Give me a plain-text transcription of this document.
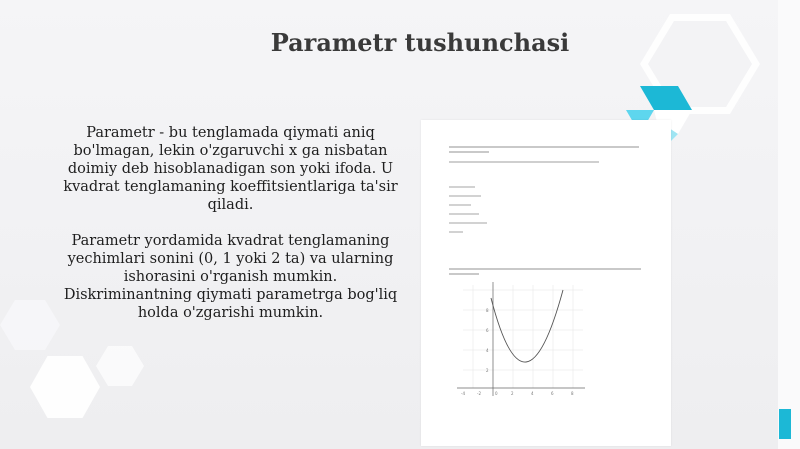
Parametr tushunchasi
Parametr - bu tenglamada qiymati aniq bo'lmagan, lekin o'zgaruvchi x ga nisbatan doimiy deb hisoblanadigan son yoki ifoda. U kvadrat tenglamaning koeffitsientlariga ta'sir qiladi.
Parametr yordamida kvadrat tenglamaning yechimlari sonini (0, 1 yoki 2 ta) va ularning ishorasini o'rganish mumkin. Diskriminantning qiymati parametrga bog'liq holda o'zgarishi mumkin.
-4	-2	0	2	4	6	8
2
4
6
8
